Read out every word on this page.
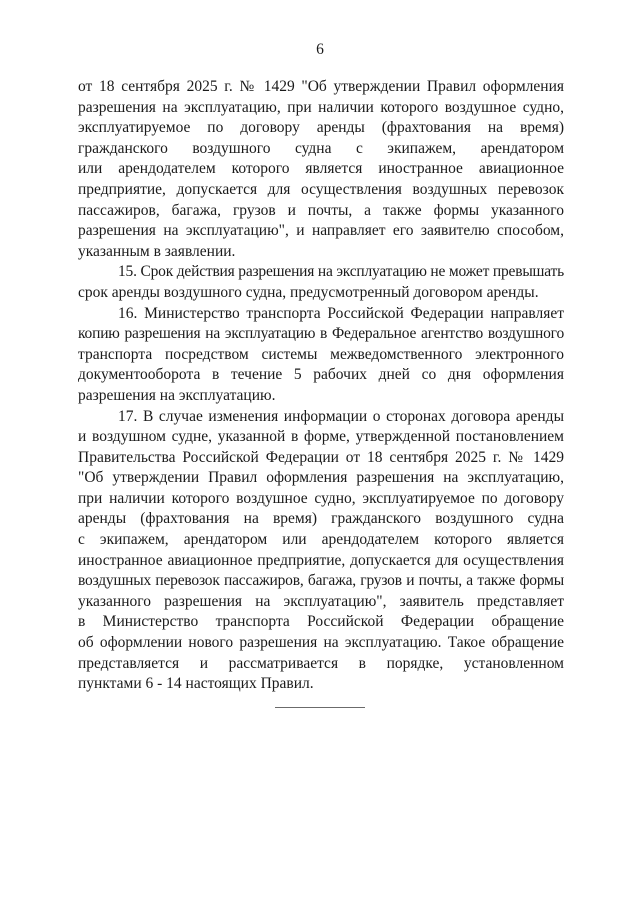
6
от 18 сентября 2025 г. № 1429 "Об утверждении Правил оформления
разрешения на эксплуатацию, при наличии которого воздушное судно,
эксплуатируемое по договору аренды (фрахтования на время)
гражданского воздушного судна с экипажем, арендатором
или арендодателем которого является иностранное авиационное
предприятие, допускается для осуществления воздушных перевозок
пассажиров, багажа, грузов и почты, а также формы указанного
разрешения на эксплуатацию", и направляет его заявителю способом,
указанным в заявлении.
15. Срок действия разрешения на эксплуатацию не может превышать
срок аренды воздушного судна, предусмотренный договором аренды.
16. Министерство транспорта Российской Федерации направляет
копию разрешения на эксплуатацию в Федеральное агентство воздушного
транспорта посредством системы межведомственного электронного
документооборота в течение 5 рабочих дней со дня оформления
разрешения на эксплуатацию.
17. В случае изменения информации о сторонах договора аренды
и воздушном судне, указанной в форме, утвержденной постановлением
Правительства Российской Федерации от 18 сентября 2025 г. № 1429
"Об утверждении Правил оформления разрешения на эксплуатацию,
при наличии которого воздушное судно, эксплуатируемое по договору
аренды (фрахтования на время) гражданского воздушного судна
с экипажем, арендатором или арендодателем которого является
иностранное авиационное предприятие, допускается для осуществления
воздушных перевозок пассажиров, багажа, грузов и почты, а также формы
указанного разрешения на эксплуатацию", заявитель представляет
в Министерство транспорта Российской Федерации обращение
об оформлении нового разрешения на эксплуатацию. Такое обращение
представляется и рассматривается в порядке, установленном
пунктами 6 - 14 настоящих Правил.
